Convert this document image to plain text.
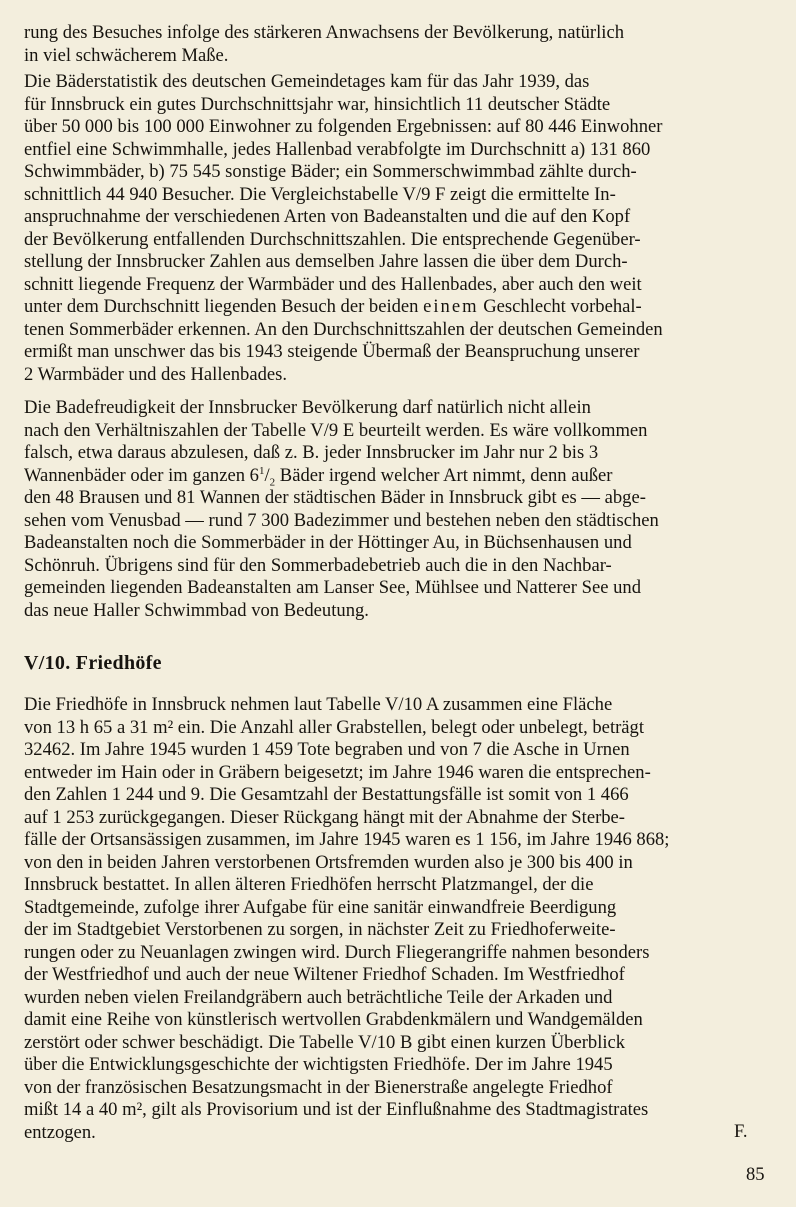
rung des Besuches infolge des stärkeren Anwachsens der Bevölkerung, natürlich
in viel schwächerem Maße.
Die Bäderstatistik des deutschen Gemeindetages kam für das Jahr 1939, das
für Innsbruck ein gutes Durchschnittsjahr war, hinsichtlich 11 deutscher Städte
über 50 000 bis 100 000 Einwohner zu folgenden Ergebnissen: auf 80 446 Einwohner
entfiel eine Schwimmhalle, jedes Hallenbad verabfolgte im Durchschnitt a) 131 860
Schwimmbäder, b) 75 545 sonstige Bäder; ein Sommerschwimmbad zählte durch-
schnittlich 44 940 Besucher. Die Vergleichstabelle V/9 F zeigt die ermittelte In-
anspruchnahme der verschiedenen Arten von Badeanstalten und die auf den Kopf
der Bevölkerung entfallenden Durchschnittszahlen. Die entsprechende Gegenüber-
stellung der Innsbrucker Zahlen aus demselben Jahre lassen die über dem Durch-
schnitt liegende Frequenz der Warmbäder und des Hallenbades, aber auch den weit
unter dem Durchschnitt liegenden Besuch der beiden einem Geschlecht vorbehal-
tenen Sommerbäder erkennen. An den Durchschnittszahlen der deutschen Gemeinden
ermißt man unschwer das bis 1943 steigende Übermaß der Beanspruchung unserer
2 Warmbäder und des Hallenbades.
Die Badefreudigkeit der Innsbrucker Bevölkerung darf natürlich nicht allein
nach den Verhältniszahlen der Tabelle V/9 E beurteilt werden. Es wäre vollkommen
falsch, etwa daraus abzulesen, daß z. B. jeder Innsbrucker im Jahr nur 2 bis 3
Wannenbäder oder im ganzen $6^1/_2$ Bäder irgend welcher Art nimmt, denn außer
den 48 Brausen und 81 Wannen der städtischen Bäder in Innsbruck gibt es — abge-
sehen vom Venusbad — rund 7 300 Badezimmer und bestehen neben den städtischen
Badeanstalten noch die Sommerbäder in der Höttinger Au, in Büchsenhausen und
Schönruh. Übrigens sind für den Sommerbadebetrieb auch die in den Nachbar-
gemeinden liegenden Badeanstalten am Lanser See, Mühlsee und Natterer See und
das neue Haller Schwimmbad von Bedeutung.
V/10. Friedhöfe
Die Friedhöfe in Innsbruck nehmen laut Tabelle V/10 A zusammen eine Fläche
von 13 h 65 a 31 m² ein. Die Anzahl aller Grabstellen, belegt oder unbelegt, beträgt
32462. Im Jahre 1945 wurden 1 459 Tote begraben und von 7 die Asche in Urnen
entweder im Hain oder in Gräbern beigesetzt; im Jahre 1946 waren die entsprechen-
den Zahlen 1 244 und 9. Die Gesamtzahl der Bestattungsfälle ist somit von 1 466
auf 1 253 zurückgegangen. Dieser Rückgang hängt mit der Abnahme der Sterbe-
fälle der Ortsansässigen zusammen, im Jahre 1945 waren es 1 156, im Jahre 1946 868;
von den in beiden Jahren verstorbenen Ortsfremden wurden also je 300 bis 400 in
Innsbruck bestattet. In allen älteren Friedhöfen herrscht Platzmangel, der die
Stadtgemeinde, zufolge ihrer Aufgabe für eine sanitär einwandfreie Beerdigung
der im Stadtgebiet Verstorbenen zu sorgen, in nächster Zeit zu Friedhoferweite-
rungen oder zu Neuanlagen zwingen wird. Durch Fliegerangriffe nahmen besonders
der Westfriedhof und auch der neue Wiltener Friedhof Schaden. Im Westfriedhof
wurden neben vielen Freilandgräbern auch beträchtliche Teile der Arkaden und
damit eine Reihe von künstlerisch wertvollen Grabdenkmälern und Wandgemälden
zerstört oder schwer beschädigt. Die Tabelle V/10 B gibt einen kurzen Überblick
über die Entwicklungsgeschichte der wichtigsten Friedhöfe. Der im Jahre 1945
von der französischen Besatzungsmacht in der Bienerstraße angelegte Friedhof
mißt 14 a 40 m², gilt als Provisorium und ist der Einflußnahme des Stadtmagistrates
entzogen.	F.
85
